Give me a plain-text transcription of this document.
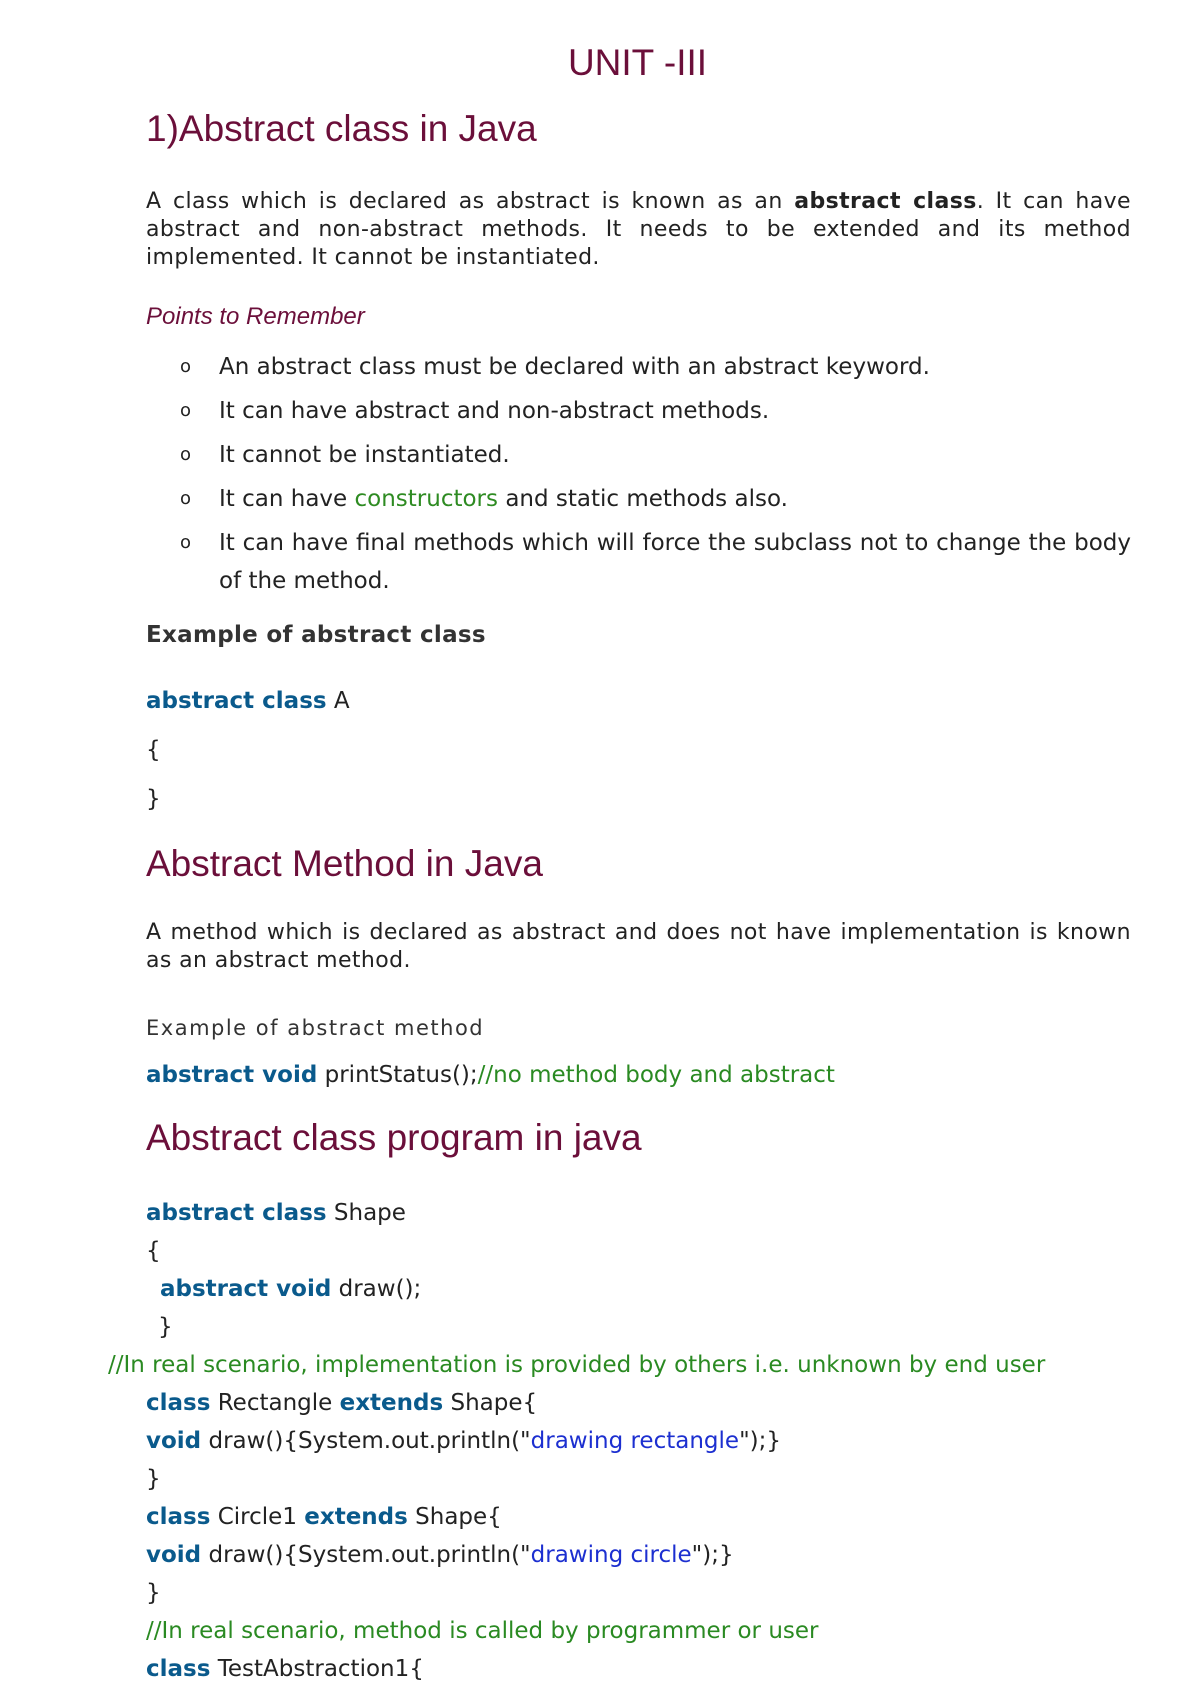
UNIT -III
1)Abstract class in Java
A class which is declared as abstract is known as an abstract class. It can have abstract and non-abstract methods. It needs to be extended and its method implemented. It cannot be instantiated.
Points to Remember
o An abstract class must be declared with an abstract keyword.
o It can have abstract and non-abstract methods.
o It cannot be instantiated.
o It can have constructors and static methods also.
o It can have final methods which will force the subclass not to change the body of the method.
Example of abstract class
abstract class A
{
}
Abstract Method in Java
A method which is declared as abstract and does not have implementation is known as an abstract method.
Example of abstract method
abstract void printStatus();//no method body and abstract
Abstract class program in java
abstract class Shape
{
abstract void draw();
}
//In real scenario, implementation is provided by others i.e. unknown by end user
class Rectangle extends Shape{
void draw(){System.out.println("drawing rectangle");}
}
class Circle1 extends Shape{
void draw(){System.out.println("drawing circle");}
}
//In real scenario, method is called by programmer or user
class TestAbstraction1{
